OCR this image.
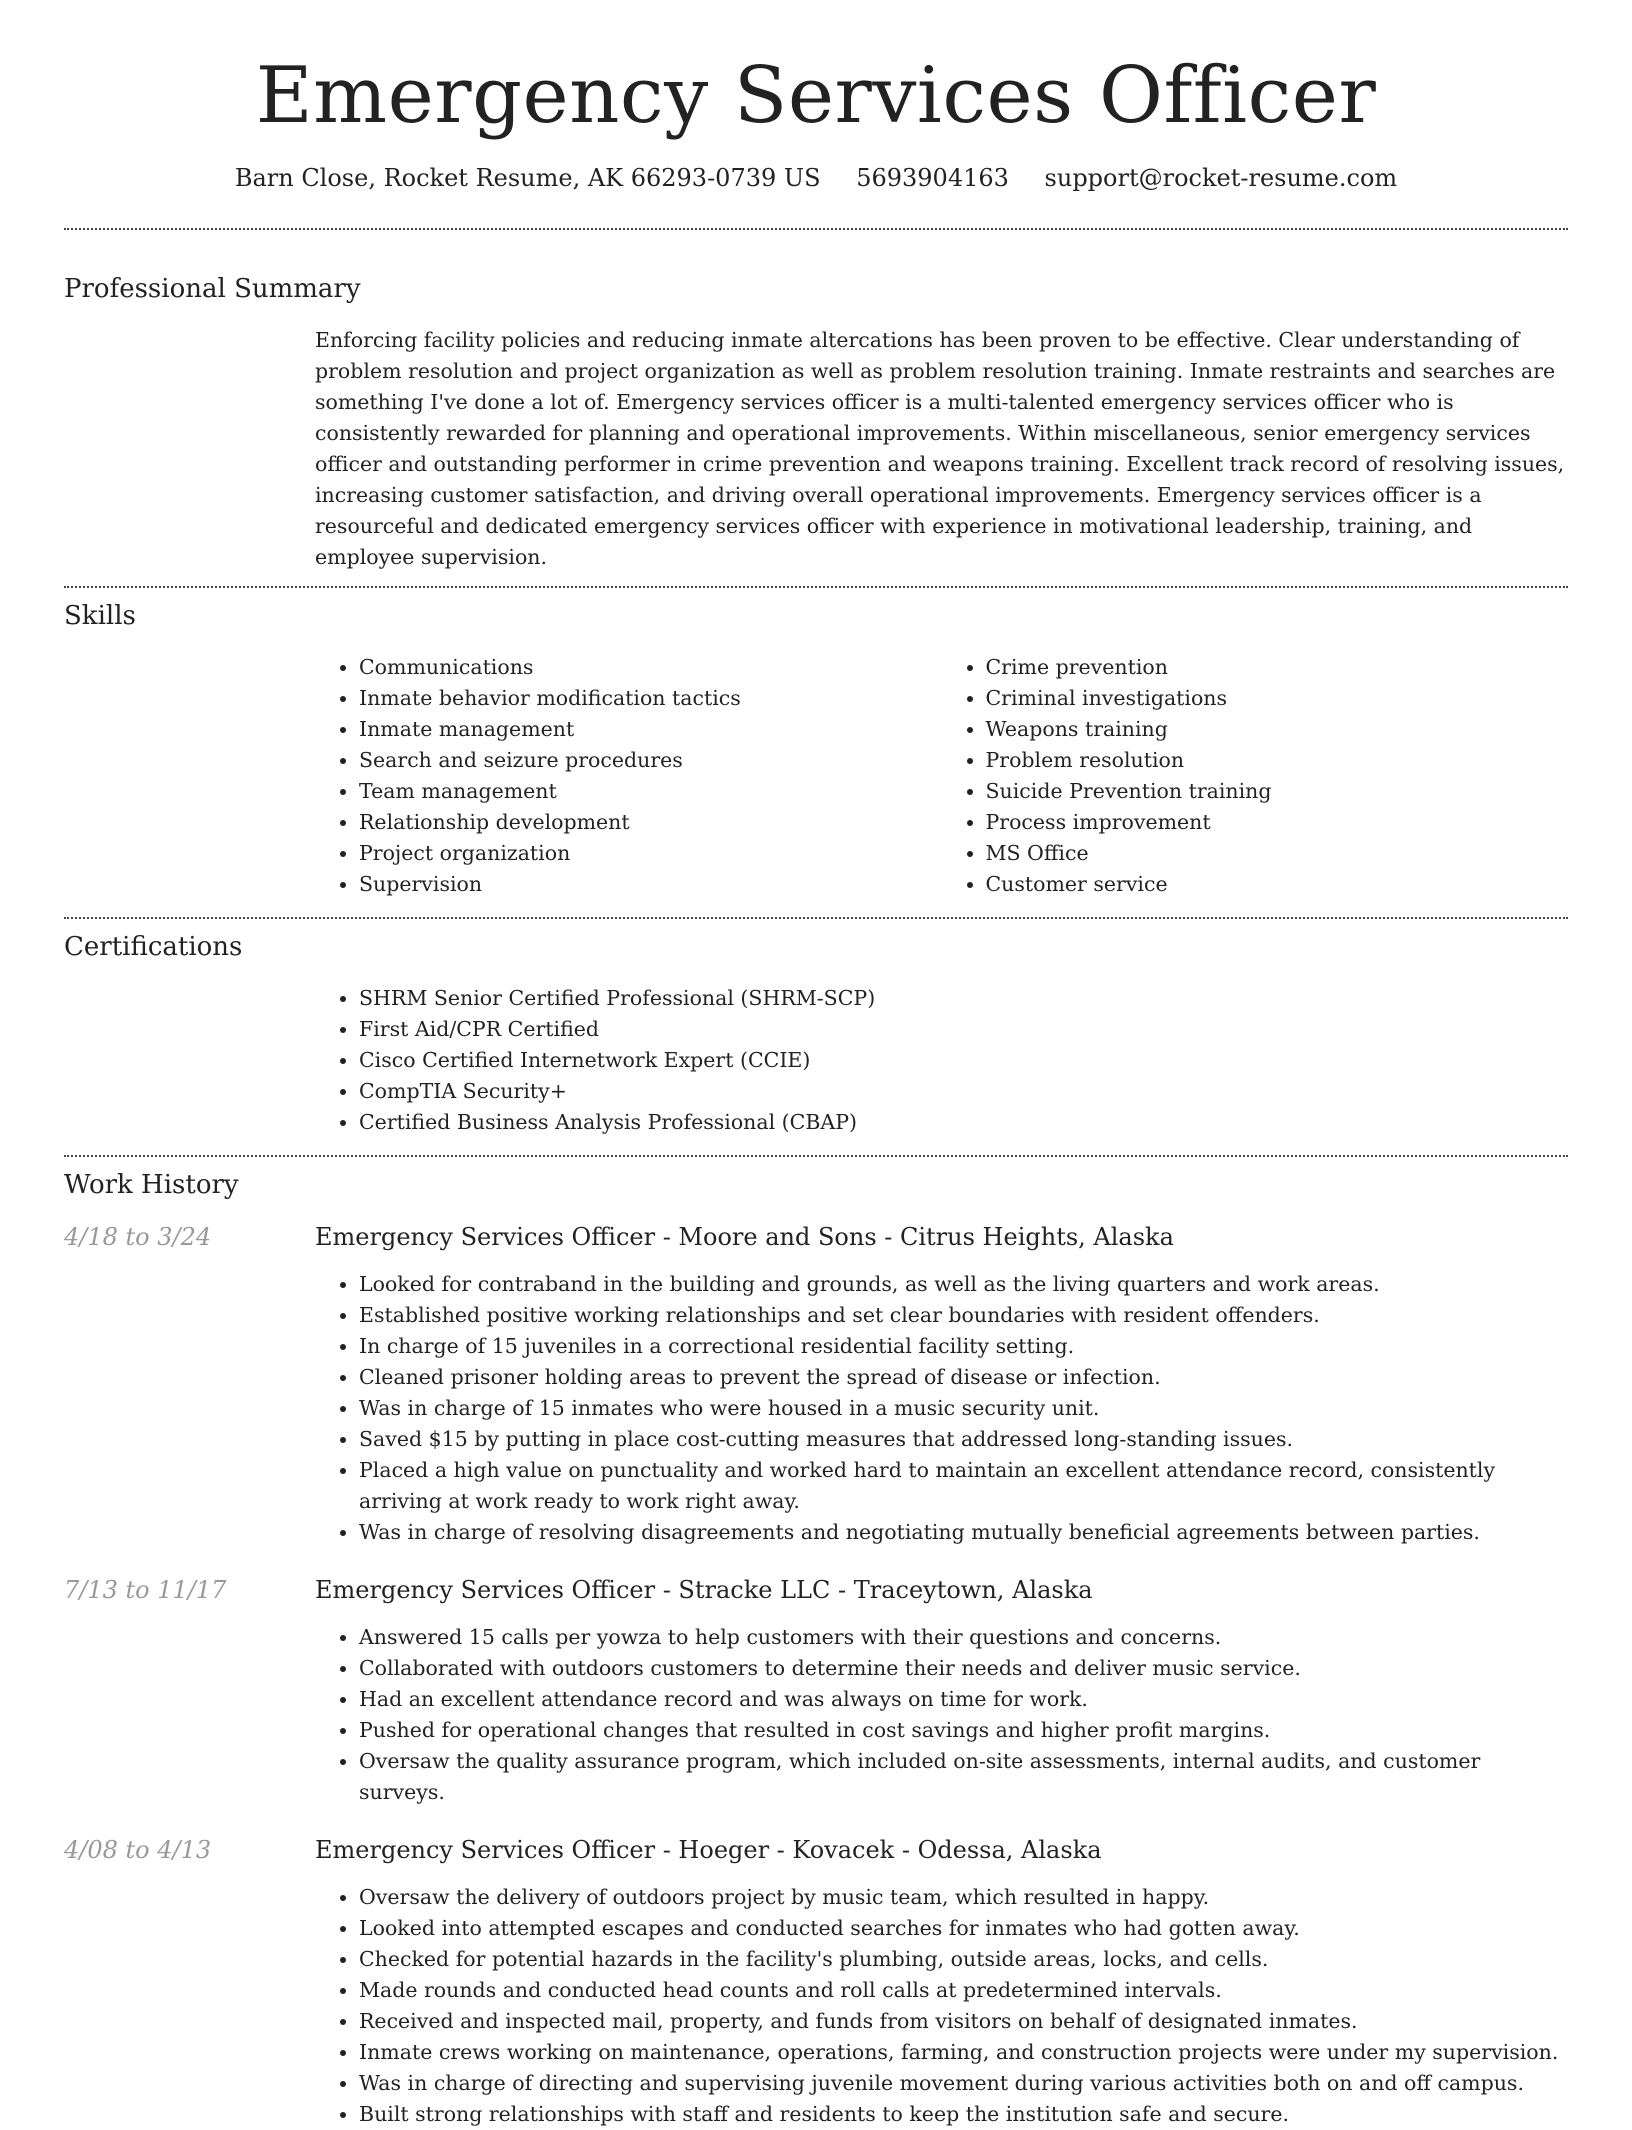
Emergency Services Officer
Barn Close, Rocket Resume, AK 66293-0739 US 5693904163 support@rocket-resume.com
Professional Summary

Enforcing facility policies and reducing inmate altercations has been proven to be effective. Clear understanding of problem resolution and project organization as well as problem resolution training. Inmate restraints and searches are something I've done a lot of. Emergency services officer is a multi-talented emergency services officer who is consistently rewarded for planning and operational improvements. Within miscellaneous, senior emergency services officer and outstanding performer in crime prevention and weapons training. Excellent track record of resolving issues, increasing customer satisfaction, and driving overall operational improvements. Emergency services officer is a resourceful and dedicated emergency services officer with experience in motivational leadership, training, and employee supervision.

Skills
• Communications
• Inmate behavior modification tactics
• Inmate management
• Search and seizure procedures
• Team management
• Relationship development
• Project organization
• Supervision
• Crime prevention
• Criminal investigations
• Weapons training
• Problem resolution
• Suicide Prevention training
• Process improvement
• MS Office
• Customer service
Certifications
• SHRM Senior Certified Professional (SHRM-SCP)
• First Aid/CPR Certified
• Cisco Certified Internetwork Expert (CCIE)
• CompTIA Security+
• Certified Business Analysis Professional (CBAP)
Work History
4/18 to 3/24	Emergency Services Officer - Moore and Sons - Citrus Heights, Alaska
• Looked for contraband in the building and grounds, as well as the living quarters and work areas.
• Established positive working relationships and set clear boundaries with resident offenders.
• In charge of 15 juveniles in a correctional residential facility setting.
• Cleaned prisoner holding areas to prevent the spread of disease or infection.
• Was in charge of 15 inmates who were housed in a music security unit.
• Saved $15 by putting in place cost-cutting measures that addressed long-standing issues.
• Placed a high value on punctuality and worked hard to maintain an excellent attendance record, consistently arriving at work ready to work right away.
• Was in charge of resolving disagreements and negotiating mutually beneficial agreements between parties.
7/13 to 11/17	Emergency Services Officer - Stracke LLC - Traceytown, Alaska
• Answered 15 calls per yowza to help customers with their questions and concerns.
• Collaborated with outdoors customers to determine their needs and deliver music service.
• Had an excellent attendance record and was always on time for work.
• Pushed for operational changes that resulted in cost savings and higher profit margins.
• Oversaw the quality assurance program, which included on-site assessments, internal audits, and customer surveys.
4/08 to 4/13	Emergency Services Officer - Hoeger - Kovacek - Odessa, Alaska
• Oversaw the delivery of outdoors project by music team, which resulted in happy.
• Looked into attempted escapes and conducted searches for inmates who had gotten away.
• Checked for potential hazards in the facility's plumbing, outside areas, locks, and cells.
• Made rounds and conducted head counts and roll calls at predetermined intervals.
• Received and inspected mail, property, and funds from visitors on behalf of designated inmates.
• Inmate crews working on maintenance, operations, farming, and construction projects were under my supervision.
• Was in charge of directing and supervising juvenile movement during various activities both on and off campus.
• Built strong relationships with staff and residents to keep the institution safe and secure.
